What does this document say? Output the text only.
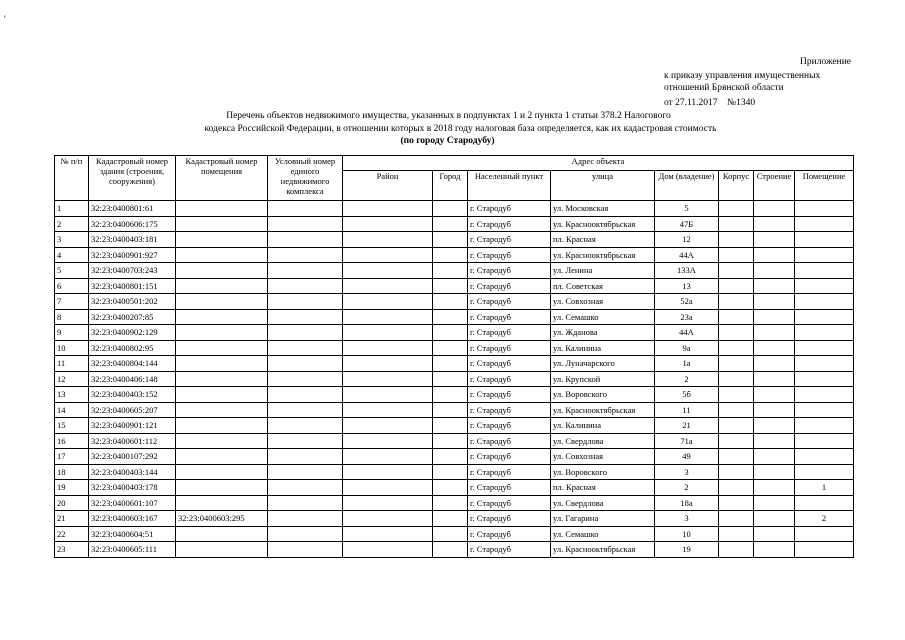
'
Приложение
к приказу управления имущественных
отношений Брянской области
от 27.11.2017    №1340
Перечень объектов недвижимого имущества, указанных в подпунктах 1 и 2 пункта 1 статьи 378.2 Налогового
кодекса Российской Федерации, в отношении которых в 2018 году налоговая база определяется, как их кадастровая стоимость
(по городу Стародубу)
№ п/п	Кадастровый номер здания (строения, сооружения)	Кадастровый номер помещения	Условный номер единого недвижимого комплекса	Адрес объекта							
				Район	Город	Населенный пункт	улица	Дом (владение)	Корпус	Строение	Помещение
1	32:23:0400801:61					г. Стародуб	ул. Московская	5			
2	32:23:0400606:175					г. Стародуб	ул. Краснооктябрьская	47Б			
3	32:23:0400403:181					г. Стародуб	пл. Красная	12			
4	32:23:0400901:927					г. Стародуб	ул. Краснооктябрьская	44А			
5	32:23:0400703:243					г. Стародуб	ул. Ленина	133А			
6	32:23:0400801:151					г. Стародуб	пл. Советская	13			
7	32:23:0400501:202					г. Стародуб	ул. Совхозная	52а			
8	32:23:0400207:85					г. Стародуб	ул. Семашко	23а			
9	32:23:0400902:129					г. Стародуб	ул. Жданова	44А			
10	32:23:0400802:95					г. Стародуб	ул. Калинина	9а			
11	32:23:0400804:144					г. Стародуб	ул. Луначарского	1а			
12	32:23:0400406:148					г. Стародуб	ул. Крупской	2			
13	32:23:0400403:152					г. Стародуб	ул. Воровского	5б			
14	32:23:0400605:207					г. Стародуб	ул. Краснооктябрьская	11			
15	32:23:0400901:121					г. Стародуб	ул. Калинина	21			
16	32:23:0400601:112					г. Стародуб	ул. Свердлова	71а			
17	32:23:0400107:292					г. Стародуб	ул. Совхозная	49			
18	32:23:0400403:144					г. Стародуб	ул. Воровского	3			
19	32:23:0400403:178					г. Стародуб	пл. Красная	2			1
20	32:23:0400601:107					г. Стародуб	ул. Свердлова	18а			
21	32:23:0400603:167	32:23:0400603:295				г. Стародуб	ул. Гагарина	3			2
22	32:23:0400604:51					г. Стародуб	ул. Семашко	10			
23	32:23:0400605:111					г. Стародуб	ул. Краснооктябрьская	19			
